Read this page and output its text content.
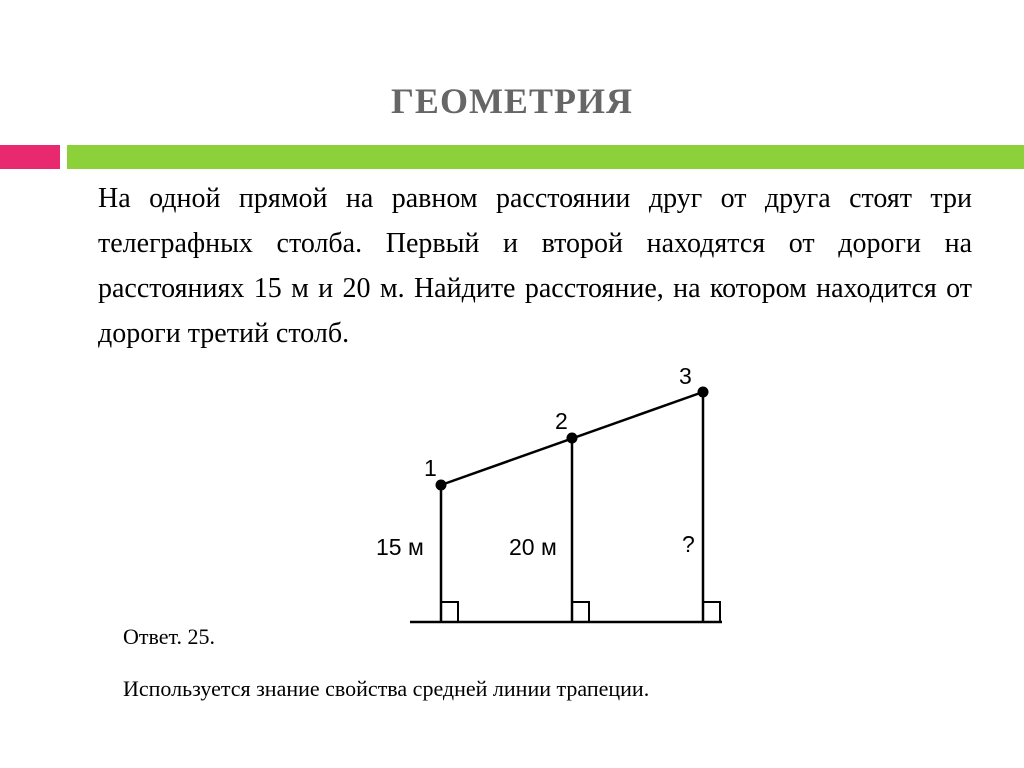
ГЕОМЕТРИЯ

На одной прямой на равном расстоянии друг от друга стоят три телеграфных столба. Первый и второй находятся от дороги на расстояниях 15 м и 20 м. Найдите расстояние, на котором находится от дороги третий столб.

1
2
3
15 м	20 м	?

Ответ. 25.

Используется знание свойства средней линии трапеции.
